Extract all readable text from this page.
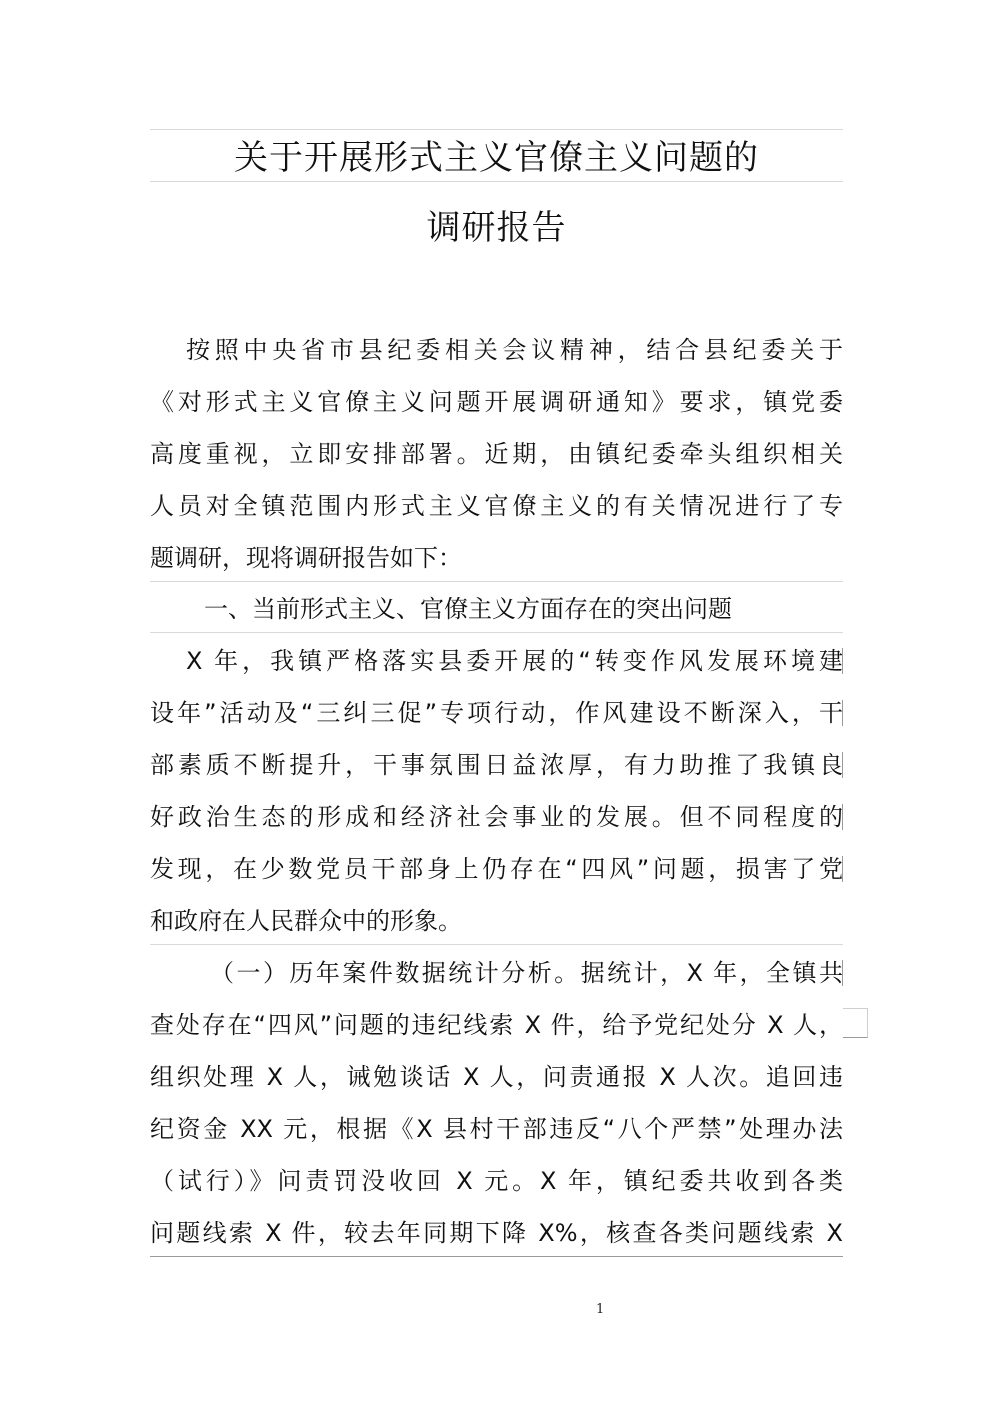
关于开展形式主义官僚主义问题的
调研报告
按照中央省市县纪委相关会议精神，结合县纪委关于
《对形式主义官僚主义问题开展调研通知》要求，镇党委
高度重视，立即安排部署。近期，由镇纪委牵头组织相关
人员对全镇范围内形式主义官僚主义的有关情况进行了专
题调研，现将调研报告如下：
一、当前形式主义、官僚主义方面存在的突出问题
X 年，我镇严格落实县委开展的“转变作风发展环境建
设年”活动及“三纠三促”专项行动，作风建设不断深入，干
部素质不断提升，干事氛围日益浓厚，有力助推了我镇良
好政治生态的形成和经济社会事业的发展。但不同程度的
发现，在少数党员干部身上仍存在“四风”问题，损害了党
和政府在人民群众中的形象。
（一）历年案件数据统计分析。据统计，X 年，全镇共
查处存在“四风”问题的违纪线索 X 件，给予党纪处分 X 人，
组织处理 X 人，诫勉谈话 X 人，问责通报 X 人次。追回违
纪资金 XX 元，根据《X 县村干部违反“八个严禁”处理办法
（试行）》问责罚没收回 X 元。X 年，镇纪委共收到各类
问题线索 X 件，较去年同期下降 X%，核查各类问题线索 X
1
